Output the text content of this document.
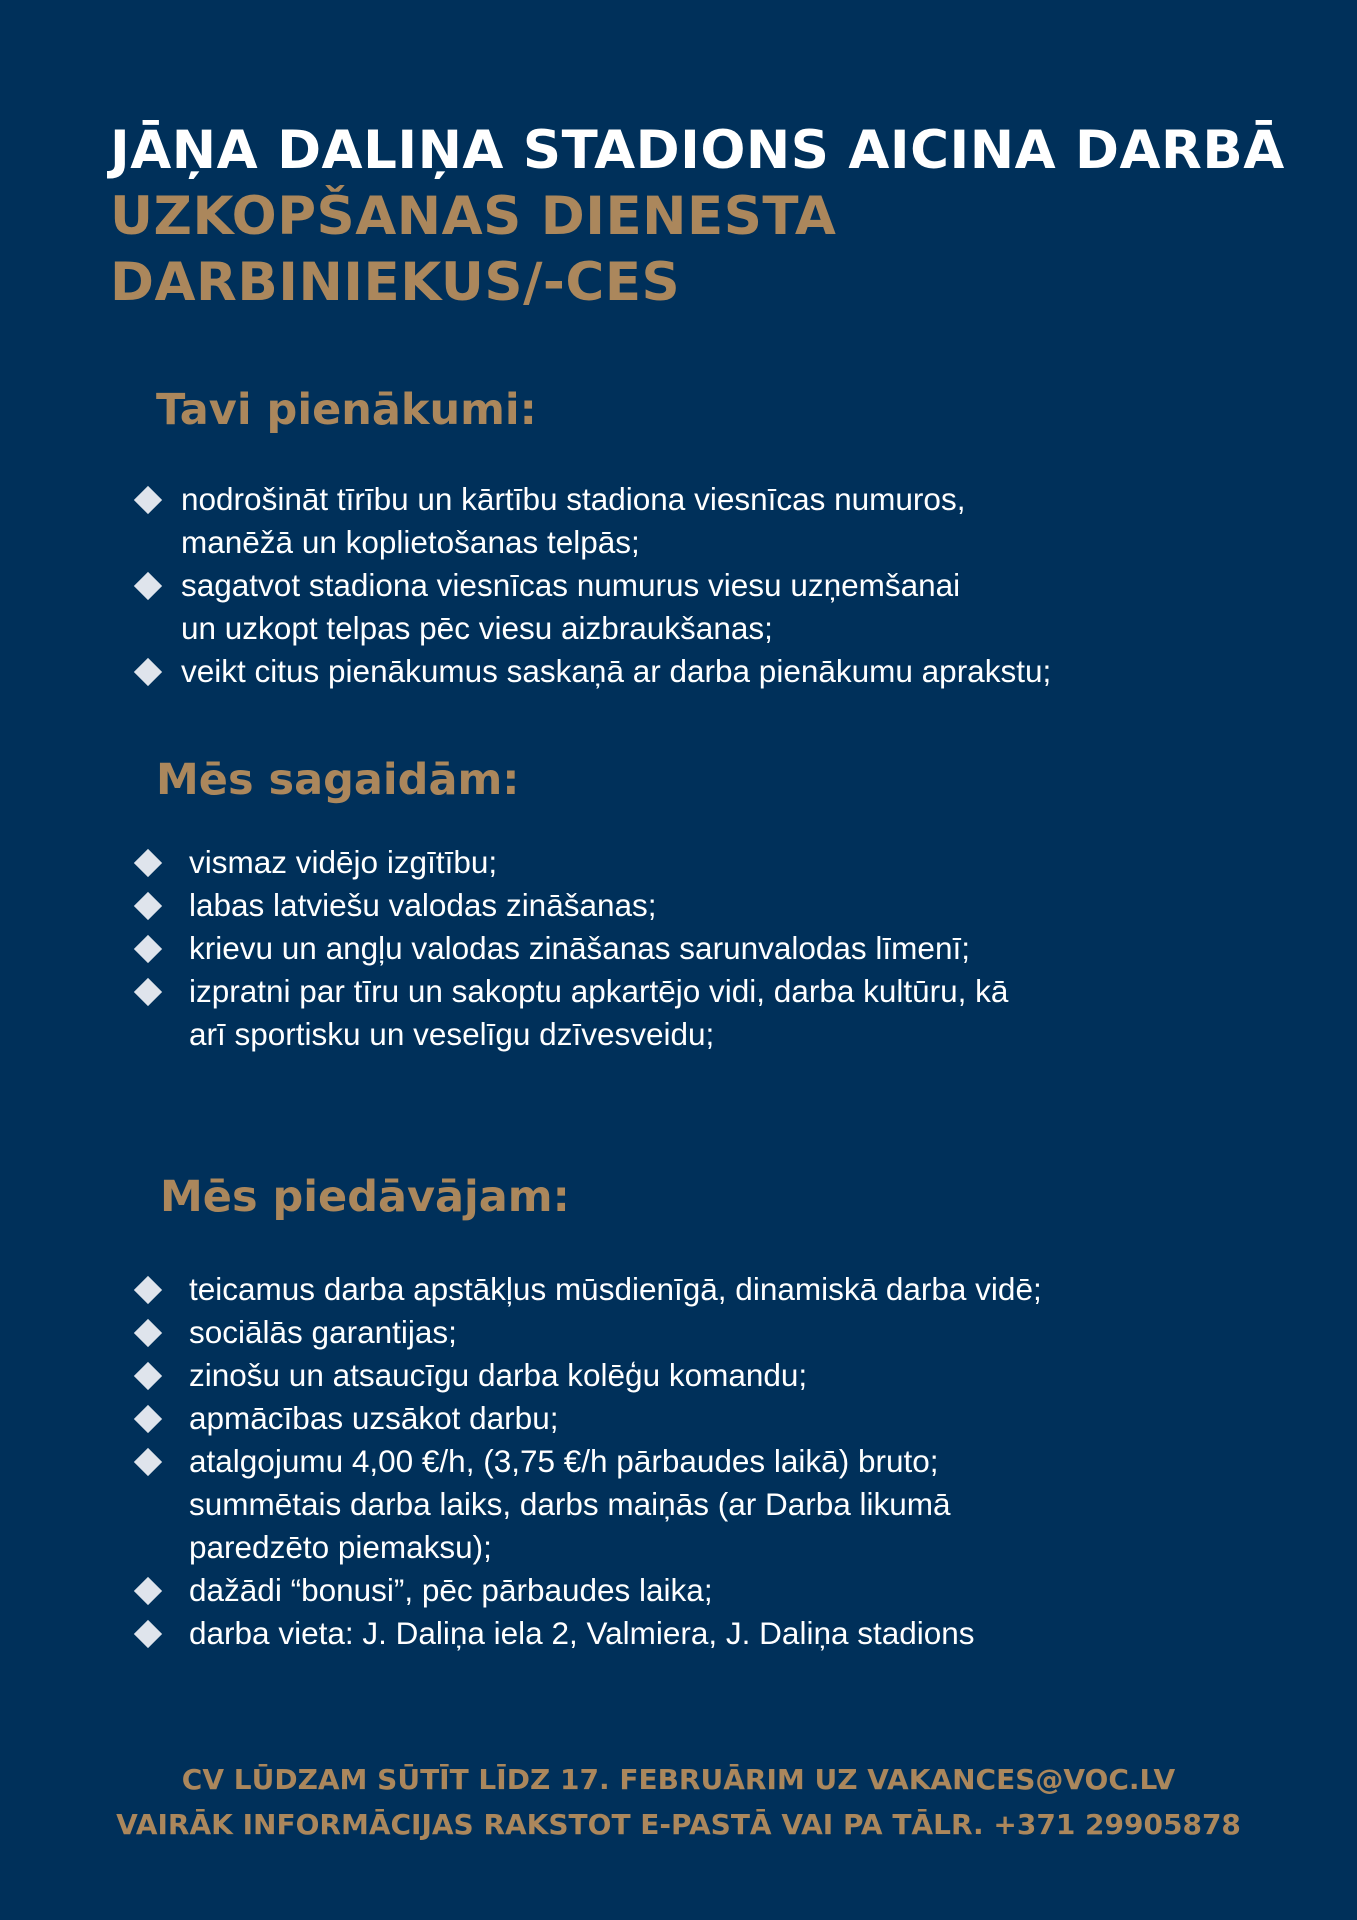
JĀŅA DALIŅA STADIONS AICINA DARBĀ
UZKOPŠANAS DIENESTA
DARBINIEKUS/-CES
Tavi pienākumi:
nodrošināt tīrību un kārtību stadiona viesnīcas numuros,
manēžā un koplietošanas telpās;
sagatvot stadiona viesnīcas numurus viesu uzņemšanai
un uzkopt telpas pēc viesu aizbraukšanas;
veikt citus pienākumus saskaņā ar darba pienākumu aprakstu;
Mēs sagaidām:
vismaz vidējo izgītību;
labas latviešu valodas zināšanas;
krievu un angļu valodas zināšanas sarunvalodas līmenī;
izpratni par tīru un sakoptu apkartējo vidi, darba kultūru, kā
arī sportisku un veselīgu dzīvesveidu;
Mēs piedāvājam:
teicamus darba apstākļus mūsdienīgā, dinamiskā darba vidē;
sociālās garantijas;
zinošu un atsaucīgu darba kolēģu komandu;
apmācības uzsākot darbu;
atalgojumu 4,00 €/h, (3,75 €/h pārbaudes laikā) bruto;
summētais darba laiks, darbs maiņās (ar Darba likumā
paredzēto piemaksu);
dažādi “bonusi”, pēc pārbaudes laika;
darba vieta: J. Daliņa iela 2, Valmiera, J. Daliņa stadions
CV LŪDZAM SŪTĪT LĪDZ 17. FEBRUĀRIM UZ VAKANCES@VOC.LV
VAIRĀK INFORMĀCIJAS RAKSTOT E-PASTĀ VAI PA TĀLR. +371 29905878
